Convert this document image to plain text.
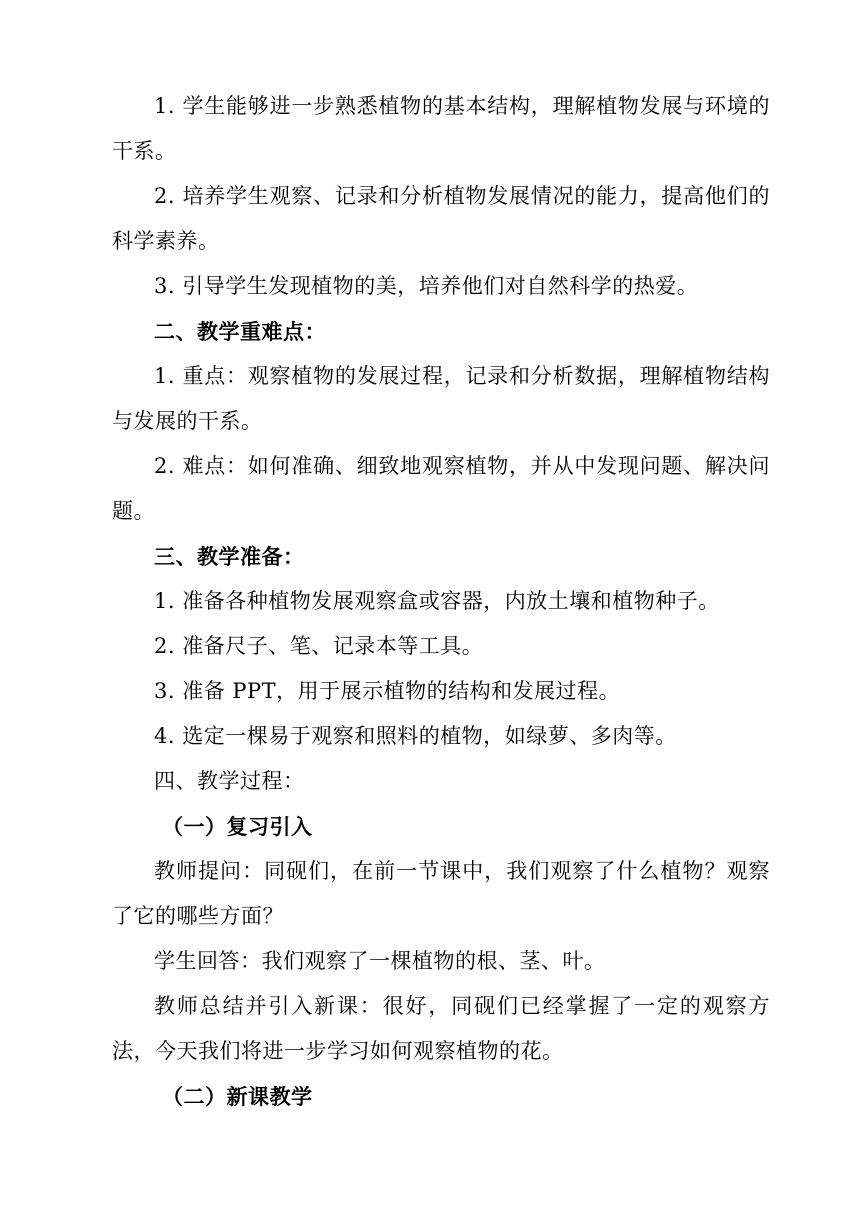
1. 学生能够进一步熟悉植物的基本结构，理解植物发展与环境的干系。

2. 培养学生观察、记录和分析植物发展情况的能力，提高他们的科学素养。

3. 引导学生发现植物的美，培养他们对自然科学的热爱。

二、教学重难点：

1. 重点：观察植物的发展过程，记录和分析数据，理解植物结构与发展的干系。

2. 难点：如何准确、细致地观察植物，并从中发现问题、解决问题。

三、教学准备：

1. 准备各种植物发展观察盒或容器，内放土壤和植物种子。

2. 准备尺子、笔、记录本等工具。

3. 准备 PPT，用于展示植物的结构和发展过程。

4. 选定一棵易于观察和照料的植物，如绿萝、多肉等。

四、教学过程：

（一）复习引入

教师提问：同砚们，在前一节课中，我们观察了什么植物？观察了它的哪些方面？

学生回答：我们观察了一棵植物的根、茎、叶。

教师总结并引入新课：很好，同砚们已经掌握了一定的观察方法，今天我们将进一步学习如何观察植物的花。

（二）新课教学
